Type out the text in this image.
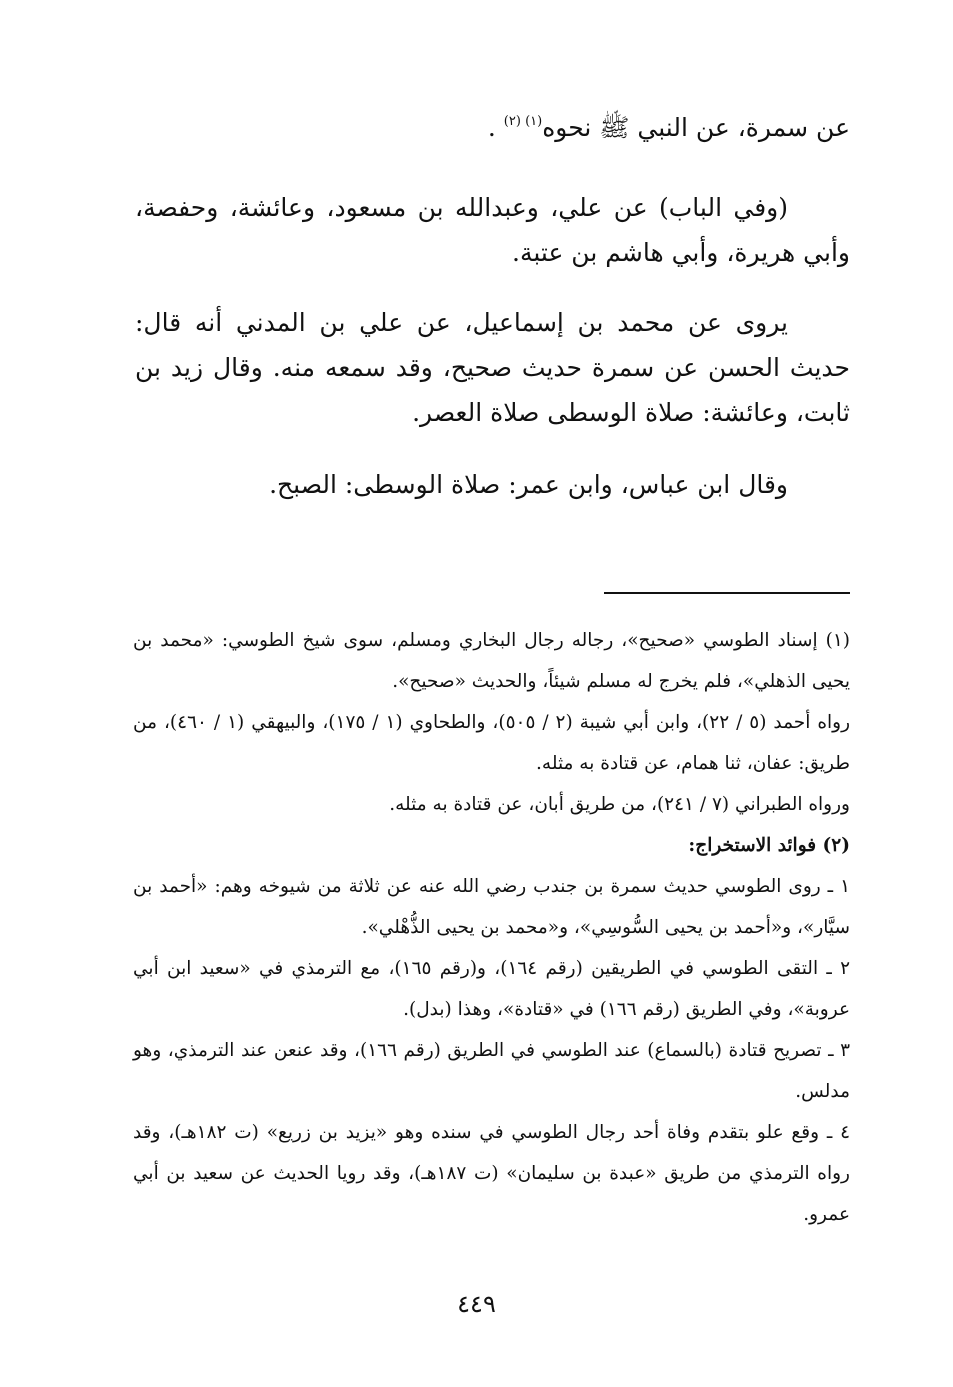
عن سمرة، عن النبي ﷺ نحوه$^{(١) (٢)}$ .

(وفي الباب) عن علي، وعبدالله بن مسعود، وعائشة، وحفصة، وأبي هريرة، وأبي هاشم بن عتبة.

يروى عن محمد بن إسماعيل، عن علي بن المدني أنه قال: حديث الحسن عن سمرة حديث صحيح، وقد سمعه منه. وقال زيد بن ثابت، وعائشة: صلاة الوسطى صلاة العصر.

وقال ابن عباس، وابن عمر: صلاة الوسطى: الصبح.

(١) إسناد الطوسي «صحيح»، رجاله رجال البخاري ومسلم، سوى شيخ الطوسي: «محمد بن يحيى الذهلي»، فلم يخرج له مسلم شيئاً، والحديث «صحيح».

رواه أحمد (٥ / ٢٢)، وابن أبي شيبة (٢ / ٥٠٥)، والطحاوي (١ / ١٧٥)، والبيهقي (١ / ٤٦٠)، من طريق: عفان، ثنا همام، عن قتادة به مثله.

ورواه الطبراني (٧ / ٢٤١)، من طريق أبان، عن قتادة به مثله.

(٢) فوائد الاستخراج:

١ ـ روى الطوسي حديث سمرة بن جندب رضي الله عنه عن ثلاثة من شيوخه وهم: «أحمد بن سيَّار»، و«أحمد بن يحيى السُّوسِي»، و«محمد بن يحيى الذُّهْلي».

٢ ـ التقى الطوسي في الطريقين (رقم ١٦٤)، و(رقم ١٦٥)، مع الترمذي في «سعيد ابن أبي عروبة»، وفي الطريق (رقم ١٦٦) في «قتادة»، وهذا (بدل).

٣ ـ تصريح قتادة (بالسماع) عند الطوسي في الطريق (رقم ١٦٦)، وقد عنعن عند الترمذي، وهو مدلس.

٤ ـ وقع علو بتقدم وفاة أحد رجال الطوسي في سنده وهو «يزيد بن زريع» (ت ١٨٢هـ)، وقد رواه الترمذي من طريق «عبدة بن سليمان» (ت ١٨٧هـ)، وقد رويا الحديث عن سعيد بن أبي عمرو.

٤٤٩
